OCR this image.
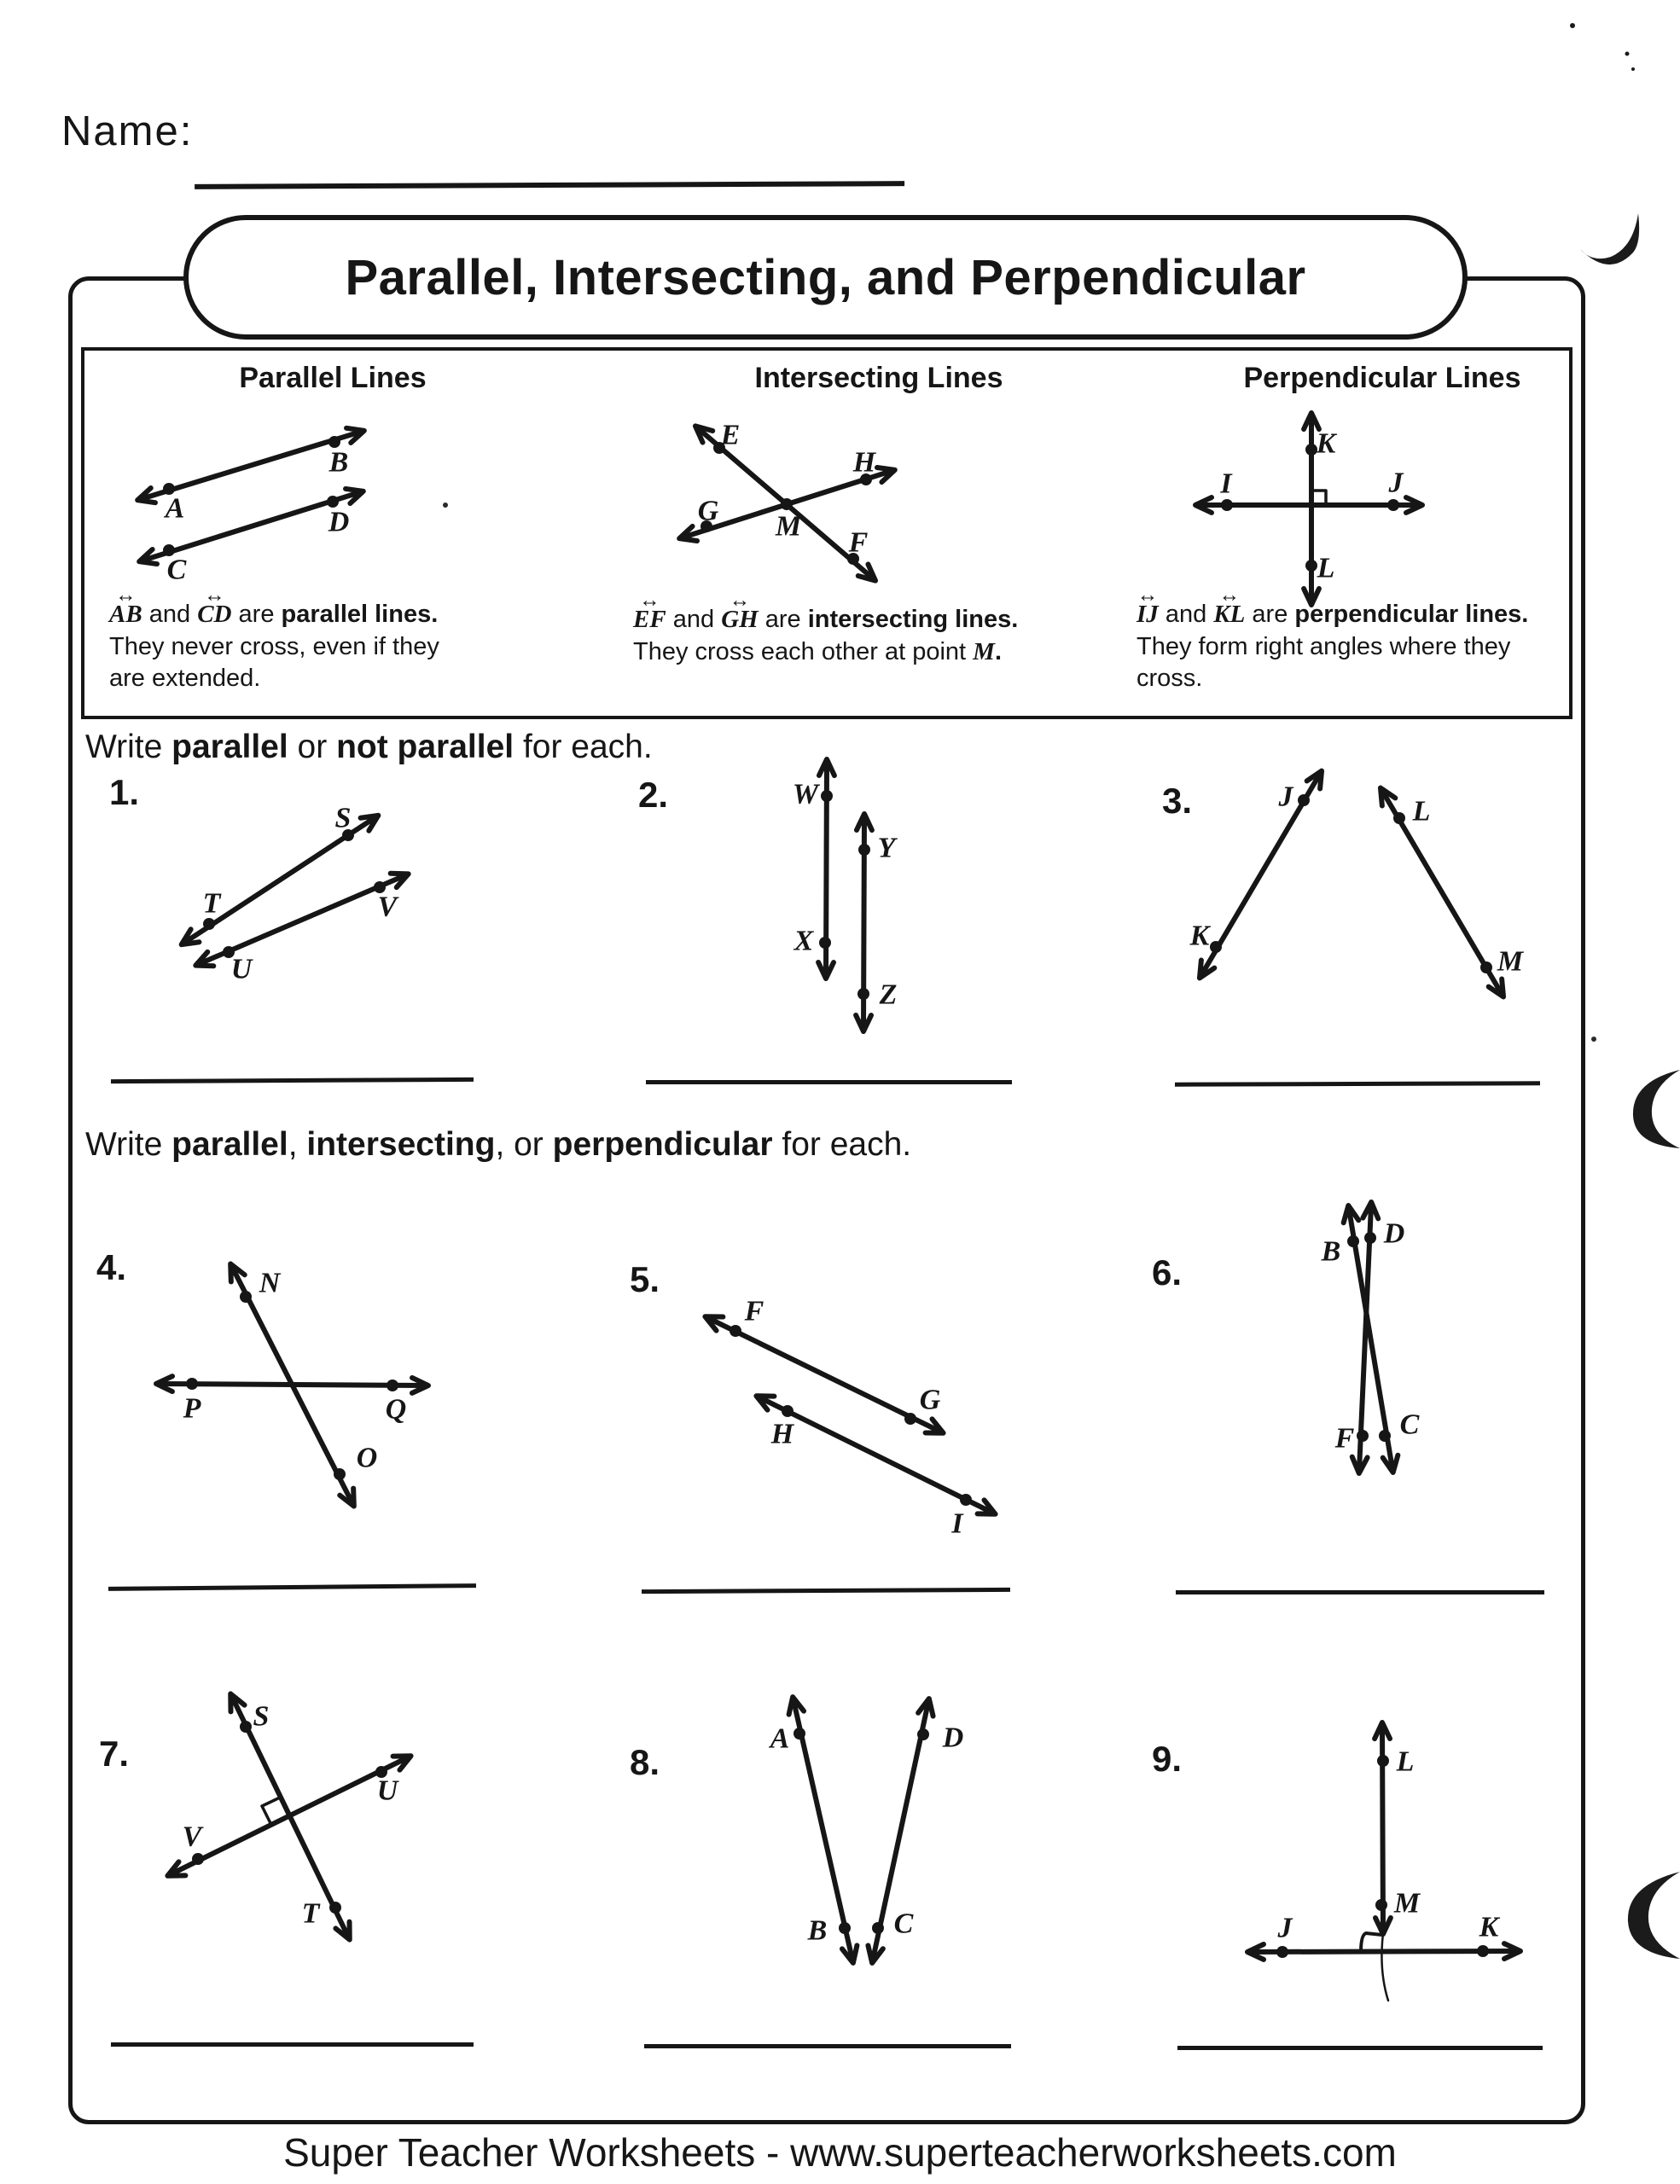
Name:
Parallel, Intersecting, and Perpendicular
Parallel Lines	Intersecting Lines	Perpendicular Lines
A
B
C
D
E
G
H
F
M
K
L
I	J
↔ AB and ↔ CD are parallel lines.
They never cross, even if they
are extended.
↔ EF and ↔ GH are intersecting lines.
They cross each other at point M.
↔ IJ and ↔ KL are perpendicular lines.
They form right angles where they
cross.
Write parallel or not parallel for each.
Write parallel, intersecting, or perpendicular for each.
1.	2.	3.
4.	5.	6.
7.	8.	9.
T
S
U
V
W
X
Y
Z
J
K
L
M
N
P	Q
O
F
G
H
I
B
D
F C
S
T
V
U
A
B
D
C
L
M
J	K
Super Teacher Worksheets - www.superteacherworksheets.com
